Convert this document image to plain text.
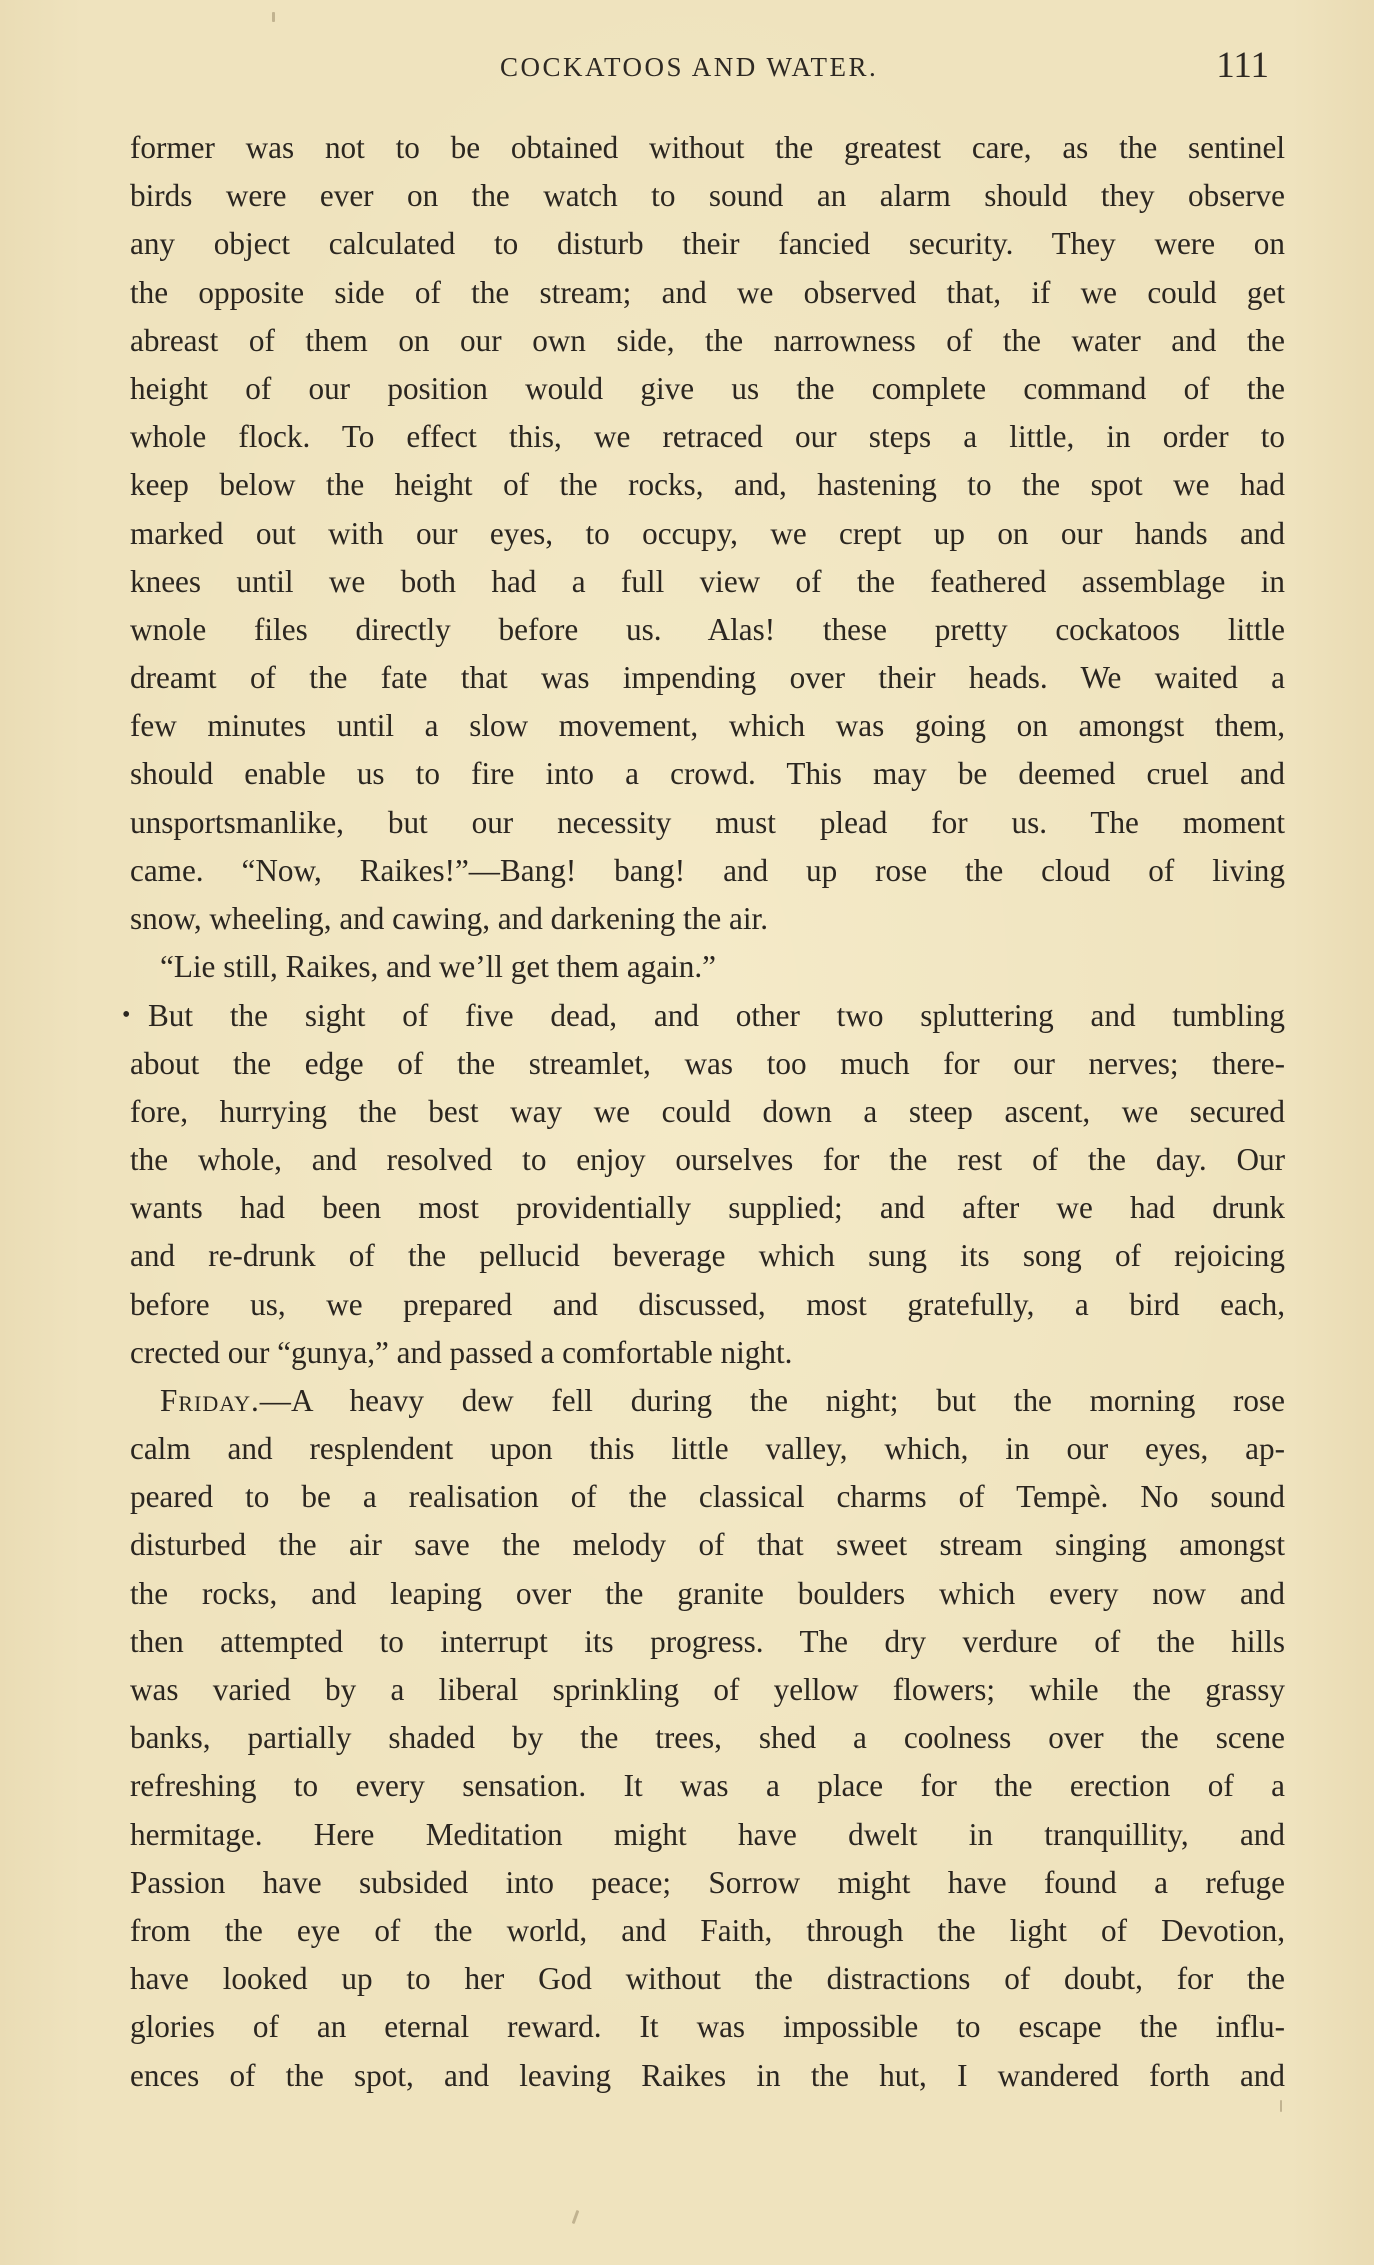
COCKATOOS AND WATER.	111
former was not to be obtained without the greatest care, as the sentinel
birds were ever on the watch to sound an alarm should they observe
any object calculated to disturb their fancied security. They were on
the opposite side of the stream; and we observed that, if we could get
abreast of them on our own side, the narrowness of the water and the
height of our position would give us the complete command of the
whole flock. To effect this, we retraced our steps a little, in order to
keep below the height of the rocks, and, hastening to the spot we had
marked out with our eyes, to occupy, we crept up on our hands and
knees until we both had a full view of the feathered assemblage in
wnole files directly before us. Alas! these pretty cockatoos little
dreamt of the fate that was impending over their heads. We waited a
few minutes until a slow movement, which was going on amongst them,
should enable us to fire into a crowd. This may be deemed cruel and
unsportsmanlike, but our necessity must plead for us. The moment
came. “Now, Raikes!”—Bang! bang! and up rose the cloud of living
snow, wheeling, and cawing, and darkening the air.
“Lie still, Raikes, and we’ll get them again.”
• But the sight of five dead, and other two spluttering and tumbling
about the edge of the streamlet, was too much for our nerves; there-
fore, hurrying the best way we could down a steep ascent, we secured
the whole, and resolved to enjoy ourselves for the rest of the day. Our
wants had been most providentially supplied; and after we had drunk
and re-drunk of the pellucid beverage which sung its song of rejoicing
before us, we prepared and discussed, most gratefully, a bird each,
crected our “gunya,” and passed a comfortable night.
Friday.—A heavy dew fell during the night; but the morning rose
calm and resplendent upon this little valley, which, in our eyes, ap-
peared to be a realisation of the classical charms of Tempè. No sound
disturbed the air save the melody of that sweet stream singing amongst
the rocks, and leaping over the granite boulders which every now and
then attempted to interrupt its progress. The dry verdure of the hills
was varied by a liberal sprinkling of yellow flowers; while the grassy
banks, partially shaded by the trees, shed a coolness over the scene
refreshing to every sensation. It was a place for the erection of a
hermitage. Here Meditation might have dwelt in tranquillity, and
Passion have subsided into peace; Sorrow might have found a refuge
from the eye of the world, and Faith, through the light of Devotion,
have looked up to her God without the distractions of doubt, for the
glories of an eternal reward. It was impossible to escape the influ-
ences of the spot, and leaving Raikes in the hut, I wandered forth and
